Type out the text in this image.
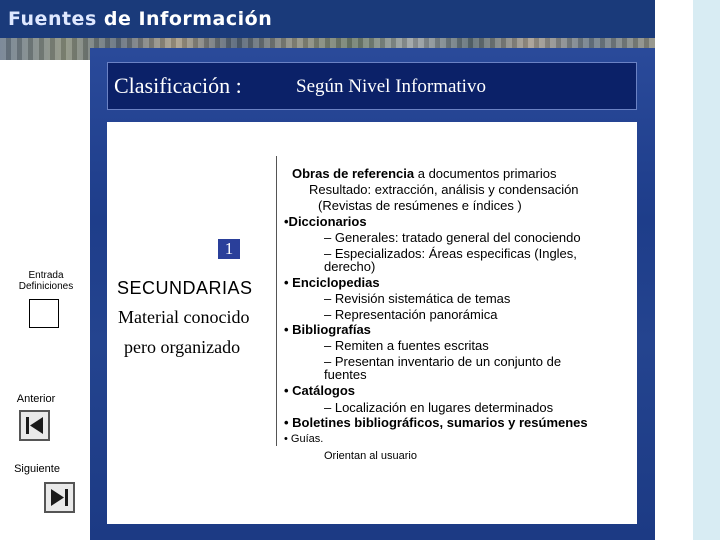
Fuentes de Información
Clasificación :	Según Nivel Informativo
1
SECUNDARIAS
Material conocido
pero organizado
Obras de referencia a documentos primarios
Resultado: extracción, análisis y condensación
(Revistas de resúmenes e índices )
•Diccionarios
– Generales: tratado general del conociendo
– Especializados: Áreas especificas (Ingles,
derecho)
• Enciclopedias
– Revisión sistemática de temas
– Representación panorámica
• Bibliografías
– Remiten a fuentes escritas
– Presentan inventario de un conjunto de
fuentes
• Catálogos
– Localización en lugares determinados
• Boletines bibliográficos, sumarios y resúmenes
• Guías.
Orientan al usuario
Entrada
Definiciones
Anterior
Siguiente
